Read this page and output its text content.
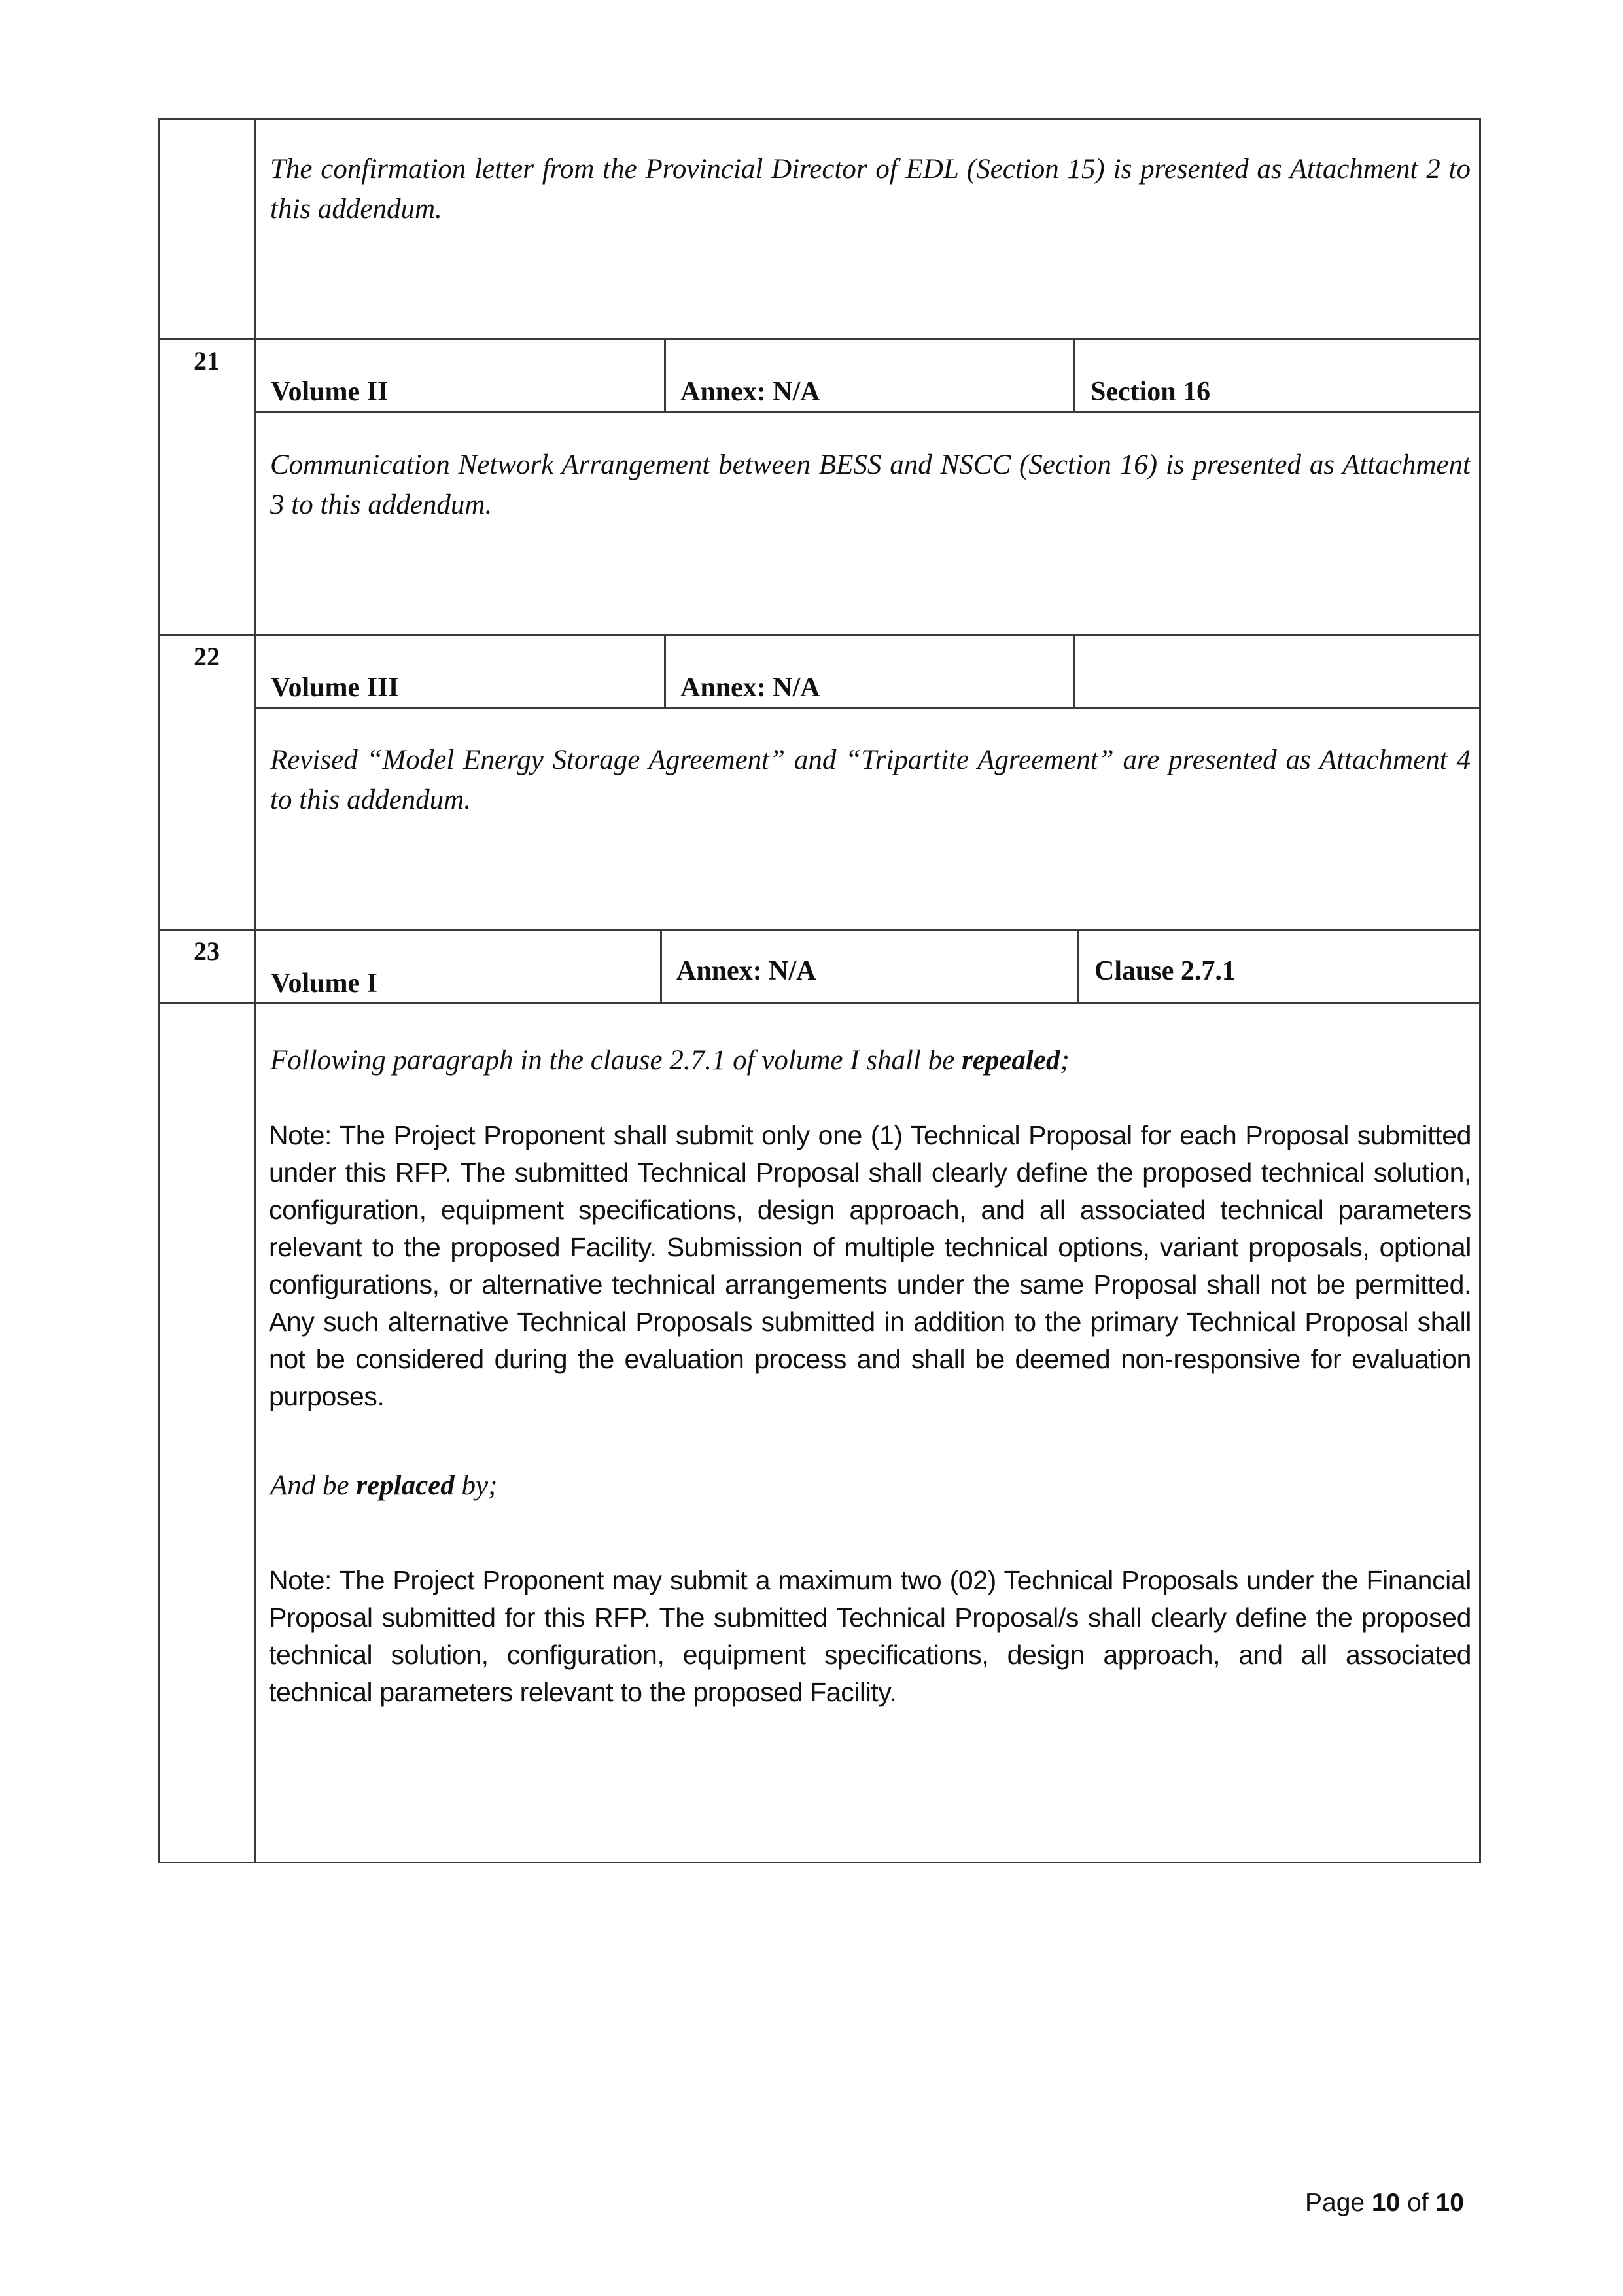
The confirmation letter from the Provincial Director of EDL (Section 15) is presented as Attachment 2 to this addendum.

21
Volume II	Annex: N/A	Section 16

Communication Network Arrangement between BESS and NSCC (Section 16) is presented as Attachment 3 to this addendum.

22
Volume III	Annex: N/A

Revised “Model Energy Storage Agreement” and “Tripartite Agreement” are presented as Attachment 4 to this addendum.

23
Volume I	Annex: N/A	Clause 2.7.1

Following paragraph in the clause 2.7.1 of volume I shall be repealed;

Note: The Project Proponent shall submit only one (1) Technical Proposal for each Proposal submitted under this RFP. The submitted Technical Proposal shall clearly define the proposed technical solution, configuration, equipment specifications, design approach, and all associated technical parameters relevant to the proposed Facility. Submission of multiple technical options, variant proposals, optional configurations, or alternative technical arrangements under the same Proposal shall not be permitted. Any such alternative Technical Proposals submitted in addition to the primary Technical Proposal shall not be considered during the evaluation process and shall be deemed non-responsive for evaluation purposes.

And be replaced by;

Note: The Project Proponent may submit a maximum two (02) Technical Proposals under the Financial Proposal submitted for this RFP. The submitted Technical Proposal/s shall clearly define the proposed technical solution, configuration, equipment specifications, design approach, and all associated technical parameters relevant to the proposed Facility.

Page 10 of 10
